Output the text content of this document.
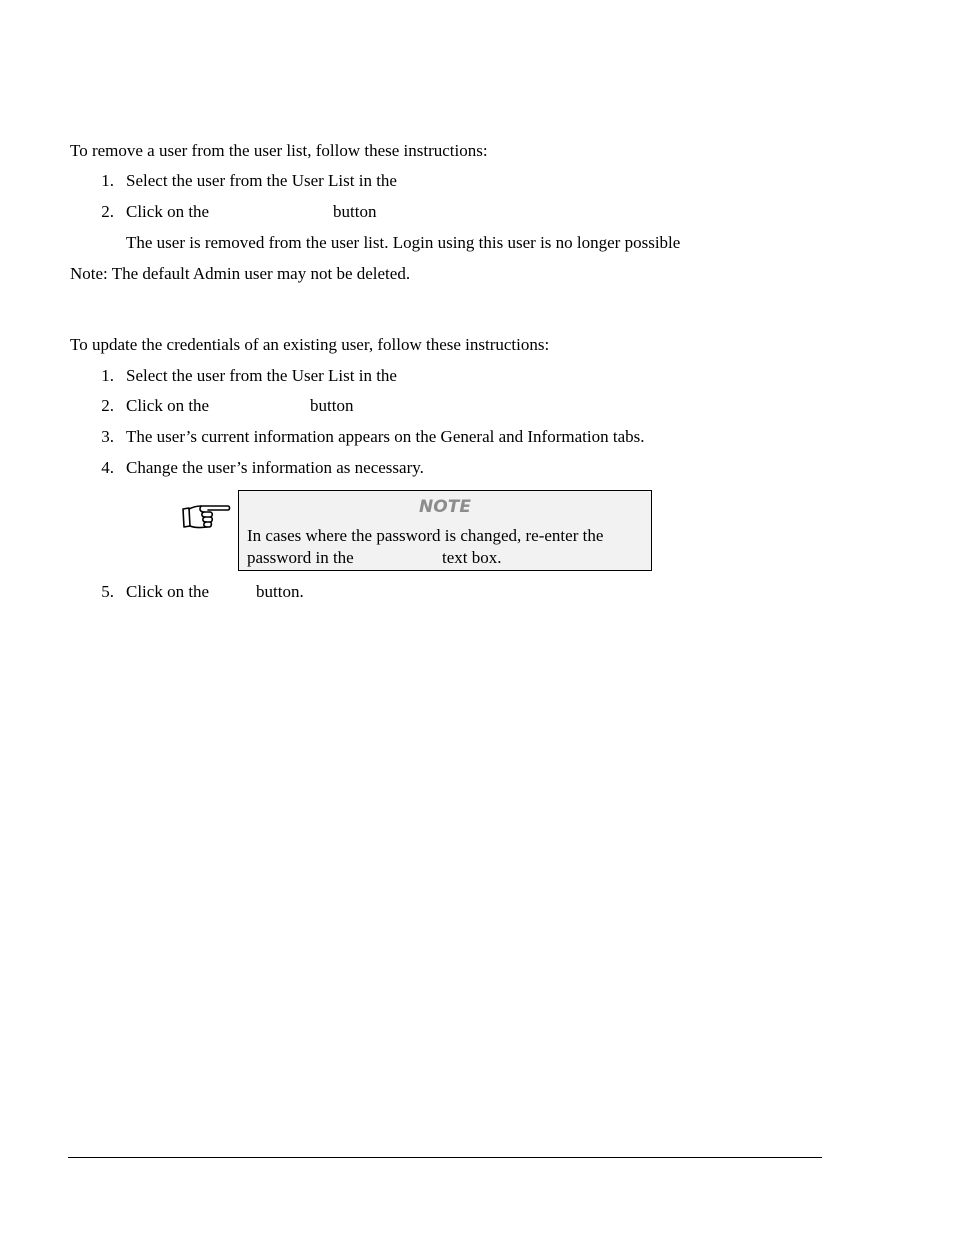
To remove a user from the user list, follow these instructions:
1. Select the user from the User List in the
2. Click on the	button
The user is removed from the user list. Login using this user is no longer possible
Note: The default Admin user may not be deleted.
To update the credentials of an existing user, follow these instructions:
1. Select the user from the User List in the
2. Click on the	button
3. The user’s current information appears on the General and Information tabs.
4. Change the user’s information as necessary.
NOTE
In cases where the password is changed, re-enter the
password in the	text box.
5. Click on the	button.
